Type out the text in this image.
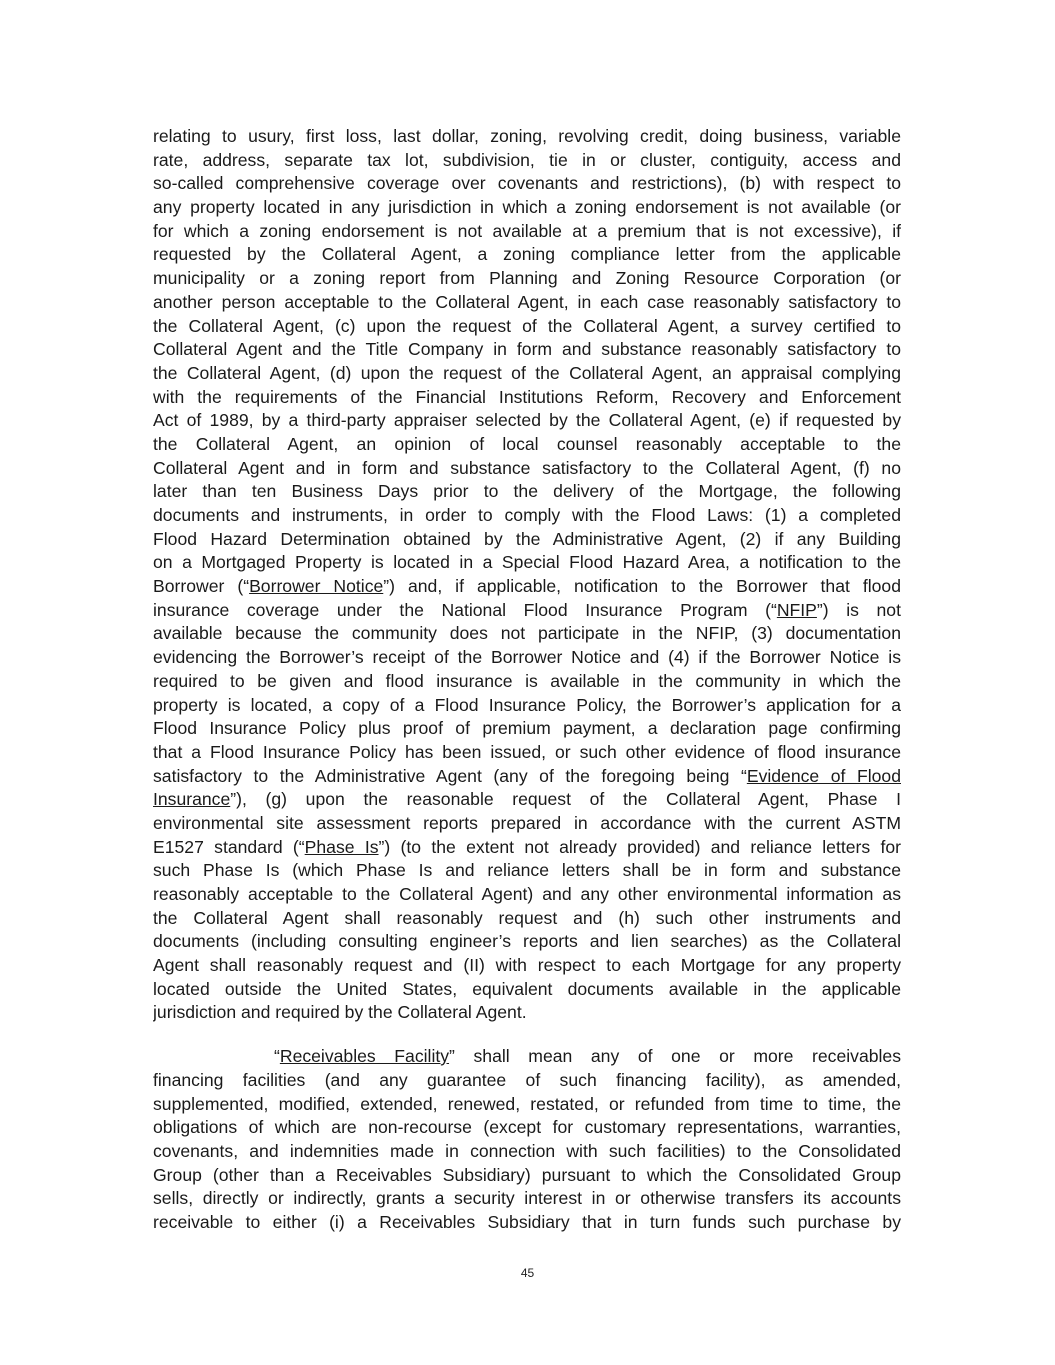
relating to usury, first loss, last dollar, zoning, revolving credit, doing business, variable
rate, address, separate tax lot, subdivision, tie in or cluster, contiguity, access and
so-called comprehensive coverage over covenants and restrictions), (b) with respect to
any property located in any jurisdiction in which a zoning endorsement is not available (or
for which a zoning endorsement is not available at a premium that is not excessive), if
requested by the Collateral Agent, a zoning compliance letter from the applicable
municipality or a zoning report from Planning and Zoning Resource Corporation (or
another person acceptable to the Collateral Agent, in each case reasonably satisfactory to
the Collateral Agent, (c) upon the request of the Collateral Agent, a survey certified to
Collateral Agent and the Title Company in form and substance reasonably satisfactory to
the Collateral Agent, (d) upon the request of the Collateral Agent, an appraisal complying
with the requirements of the Financial Institutions Reform, Recovery and Enforcement
Act of 1989, by a third-party appraiser selected by the Collateral Agent, (e) if requested by
the Collateral Agent, an opinion of local counsel reasonably acceptable to the
Collateral Agent and in form and substance satisfactory to the Collateral Agent, (f) no
later than ten Business Days prior to the delivery of the Mortgage, the following
documents and instruments, in order to comply with the Flood Laws: (1) a completed
Flood Hazard Determination obtained by the Administrative Agent, (2) if any Building
on a Mortgaged Property is located in a Special Flood Hazard Area, a notification to the
Borrower (“Borrower Notice”) and, if applicable, notification to the Borrower that flood
insurance coverage under the National Flood Insurance Program (“NFIP”) is not
available because the community does not participate in the NFIP, (3) documentation
evidencing the Borrower’s receipt of the Borrower Notice and (4) if the Borrower Notice is
required to be given and flood insurance is available in the community in which the
property is located, a copy of a Flood Insurance Policy, the Borrower’s application for a
Flood Insurance Policy plus proof of premium payment, a declaration page confirming
that a Flood Insurance Policy has been issued, or such other evidence of flood insurance
satisfactory to the Administrative Agent (any of the foregoing being “Evidence of Flood
Insurance”), (g) upon the reasonable request of the Collateral Agent, Phase I
environmental site assessment reports prepared in accordance with the current ASTM
E1527 standard (“Phase Is”) (to the extent not already provided) and reliance letters for
such Phase Is (which Phase Is and reliance letters shall be in form and substance
reasonably acceptable to the Collateral Agent) and any other environmental information as
the Collateral Agent shall reasonably request and (h) such other instruments and
documents (including consulting engineer’s reports and lien searches) as the Collateral
Agent shall reasonably request and (II) with respect to each Mortgage for any property
located outside the United States, equivalent documents available in the applicable
jurisdiction and required by the Collateral Agent.
“Receivables Facility” shall mean any of one or more receivables
financing facilities (and any guarantee of such financing facility), as amended,
supplemented, modified, extended, renewed, restated, or refunded from time to time, the
obligations of which are non-recourse (except for customary representations, warranties,
covenants, and indemnities made in connection with such facilities) to the Consolidated
Group (other than a Receivables Subsidiary) pursuant to which the Consolidated Group
sells, directly or indirectly, grants a security interest in or otherwise transfers its accounts
receivable to either (i) a Receivables Subsidiary that in turn funds such purchase by
45
